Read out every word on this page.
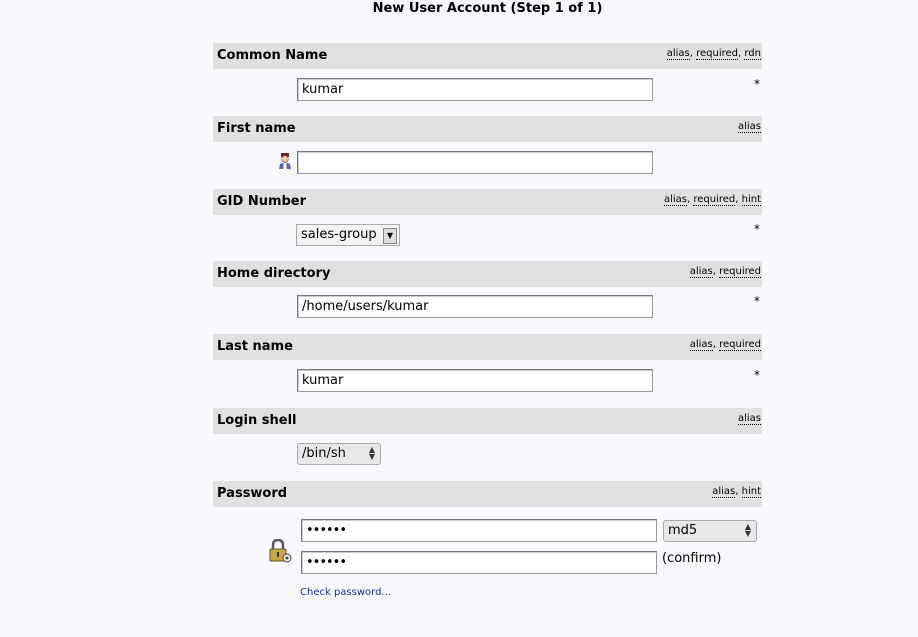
New User Account (Step 1 of 1)
Common Name	alias, required, rdn
kumar	*
First name	alias
GID Number	alias, required, hint
sales-group	▼	*
Home directory	alias, required
/home/users/kumar	*
Last name	alias, required
kumar	*
Login shell	alias
/bin/sh	▲
▼
Password	alias, hint
••••••	md5	▲
▼
••••••	(confirm)
Check password...
